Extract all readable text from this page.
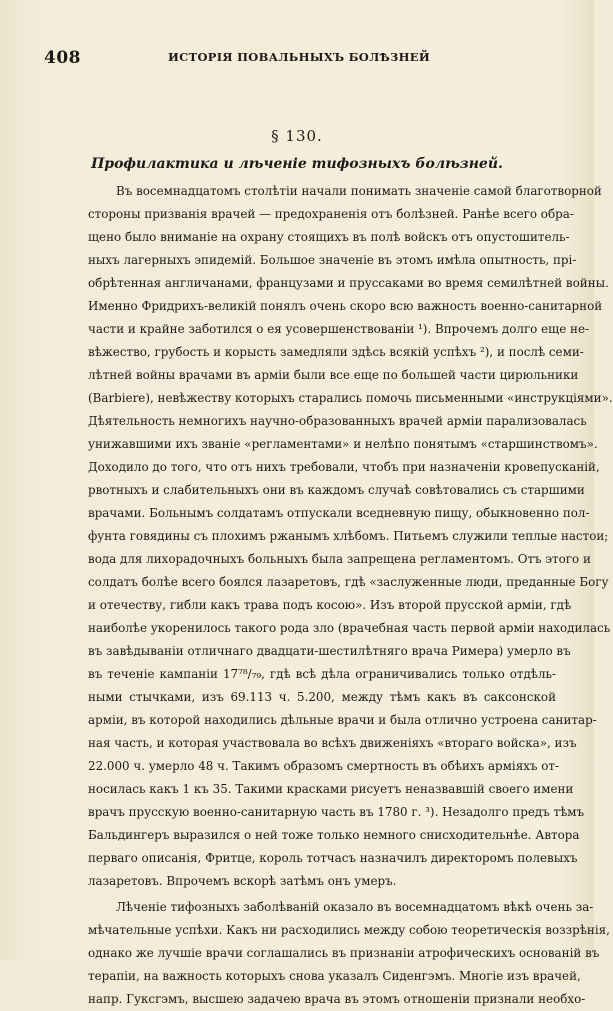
408	ИСТОРІЯ ПОВАЛЬНЫХЪ БОЛѢЗНЕЙ
§ 130.
Профилактика и лѣченіе тифозныхъ болѣзней.
Въ восемнадцатомъ столѣтіи начали понимать значеніе самой благотворной
стороны призванія врачей — предохраненія отъ болѣзней. Ранѣе всего обра-
щено было вниманіе на охрану стоящихъ въ полѣ войскъ отъ опустошитель-
ныхъ лагерныхъ эпидемій. Большое значеніе въ этомъ имѣла опытность, прі-
обрѣтенная англичанами, французами и пруссаками во время семилѣтней войны.
Именно Фридрихъ-великій понялъ очень скоро всю важность военно-санитарной
части и крайне заботился о ея усовершенствованіи ¹). Впрочемъ долго еще не-
вѣжество, грубость и корысть замедляли здѣсь всякій успѣхъ ²), и послѣ семи-
лѣтней войны врачами въ арміи были все еще по большей части цирюльники
(Barbiere), невѣжеству которыхъ старались помочь письменными «инструкціями».
Дѣятельность немногихъ научно-образованныхъ врачей арміи парализовалась
унижавшими ихъ званіе «регламентами» и нелѣпо понятымъ «старшинствомъ».
Доходило до того, что отъ нихъ требовали, чтобъ при назначеніи кровепусканій,
рвотныхъ и слабительныхъ они въ каждомъ случаѣ совѣтовались съ старшими
врачами. Больнымъ солдатамъ отпускали вседневную пищу, обыкновенно пол-
фунта говядины съ плохимъ ржанымъ хлѣбомъ. Питьемъ служили теплые настои;
вода для лихорадочныхъ больныхъ была запрещена регламентомъ. Отъ этого и
солдатъ болѣе всего боялся лазаретовъ, гдѣ «заслуженные люди, преданные Богу
и отечеству, гибли какъ трава подъ косою». Изъ второй прусской арміи, гдѣ
наиболѣе укоренилось такого рода зло (врачебная часть первой арміи находилась
въ завѣдываніи отличнаго двадцати-шестилѣтняго врача Римера) умерло въ
въ теченіе кампаніи 17⁷⁸/₇₉, гдѣ всѣ дѣла ограничивались только отдѣль-
ными стычками, изъ 69.113 ч. 5.200, между тѣмъ какъ въ саксонской
арміи, въ которой находились дѣльные врачи и была отлично устроена санитар-
ная часть, и которая участвовала во всѣхъ движеніяхъ «втораго войска», изъ
22.000 ч. умерло 48 ч. Такимъ образомъ смертность въ обѣихъ арміяхъ от-
носилась какъ 1 къ 35. Такими красками рисуетъ неназвавшій своего имени
врачъ прусскую военно-санитарную часть въ 1780 г. ³). Незадолго предъ тѣмъ
Бальдингеръ выразился о ней тоже только немного снисходительнѣе. Автора
перваго описанія, Фритце, король тотчасъ назначилъ директоромъ полевыхъ
лазаретовъ. Впрочемъ вскорѣ затѣмъ онъ умеръ.
Лѣченіе тифозныхъ заболѣваній оказало въ восемнадцатомъ вѣкѣ очень за-
мѣчательные успѣхи. Какъ ни расходились между собою теоретическія воззрѣнія,
однако же лучшіе врачи соглашались въ признаніи атрофическихъ основаній въ
терапіи, на важность которыхъ снова указалъ Сиденгэмъ. Многіе изъ врачей,
напр. Гуксгэмъ, высшею задачею врача въ этомъ отношеніи признали необхо-
